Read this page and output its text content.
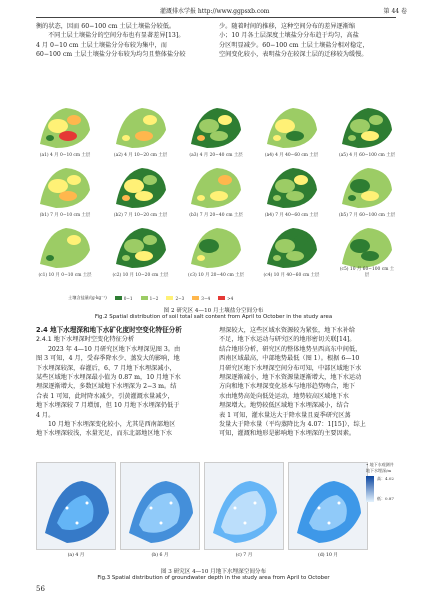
灌溉排水学报 http://www.ggpsxb.com	第 44 卷
衡的状态，因而 60−100 cm 土层土壤盐分较低。
不同土层土壤盐分的空间分布也有显著差异[13]。
4 月 0−10 cm 土层土壤盐分分布较为集中，而
60−100 cm 土层土壤盐分分布较为均匀且整体盐分较
少。随着时间的推移，这种空间分布的差异逐渐缩
小；10 月各土层深度土壤盐分分布趋于均匀，高盐
分区明显减少。60−100 cm 土层土壤盐分相对稳定，
空间变化较小，表明盐分在较深土层的迁移较为缓慢。
(a1) 4 月 0−10 cm 土层	(a2) 4 月 10−20 cm 土层	(a3) 4 月 20−40 cm 土层	(a4) 4 月 40−60 cm 土层	(a5) 4 月 60−100 cm 土层
(b1) 7 月 0−10 cm 土层	(b2) 7 月 10−20 cm 土层	(b3) 7 月 20−40 cm 土层	(b4) 7 月 40−60 cm 土层	(b5) 7 月 60−100 cm 土层
(c1) 10 月 0−10 cm 土层	(c2) 10 月 10−20 cm 土层	(c3) 10 月 20−40 cm 土层	(c4) 10 月 40−60 cm 土层
(c5) 10 月 60−100 cm 土层
土壤含盐量/(g·kg⁻¹)	0−1	1−2	2−3	3−4	>4
图 2 研究区 4—10 月土壤盐分空间分布
Fig.2 Spatial distribution of soil total salt content from April to October in the study area
2.4 地下水埋深和地下水矿化度时空变化特征分析
2.4.1 地下水埋深时空变化特征分析
2023 年 4—10 月研究区地下水埋深见图 3。由
图 3 可知，4 月，受春季降水少、蒸发大的影响，地
下水埋深较深，春灌后，6、7 月地下水埋深减小，
某些区域地下水埋深最小值为 0.87 m，10 月地下水
埋深逐渐增大，多数区域地下水埋深为 2−3 m。结
合表 1 可知，此时降水减少，引黄灌溉水量减少，
地下水埋深较 7 月增加，但 10 月地下水埋深仍低于
4 月。
10 月地下水埋深变化较小，尤其是西南部地区
地下水埋深较浅，水量充足，而东北部地区地下水
埋深较大，这些区域水资源较为紧张，地下水补给
不足，地下水运动与研究区的地形密切关联[14]。
结合地形分析，研究区的整体地势呈西高东中间低，
西南区域最高，中部地势最低（图 1）。根据 6—10
月研究区地下水埋深空间分布可知，中部区域地下水
埋深逐渐减小，地下水资源量逐渐增大，地下水运动
方向和地下水埋深变化基本与地形趋势吻合，地下
水由地势高处向低处运动，地势较高区域地下水
埋深增大。地势较低区域地下水埋深减小，结合
表 1 可知，灌水量达大于降水量且夏季研究区蒸
发量大于降水量（平均蒸降比为 4.07：1[15]），综上
可知，灌溉和地形是影响地下水埋深的主要因素。
(a) 4 月	(b) 6 月	(c) 7 月	(d) 10 月
• 地下水观测井
地下水埋深/m
高：4.02
低：0.87
图 3 研究区 4—10 月地下水埋深空间分布
Fig.3 Spatial distribution of groundwater depth in the study area from April to October
56
